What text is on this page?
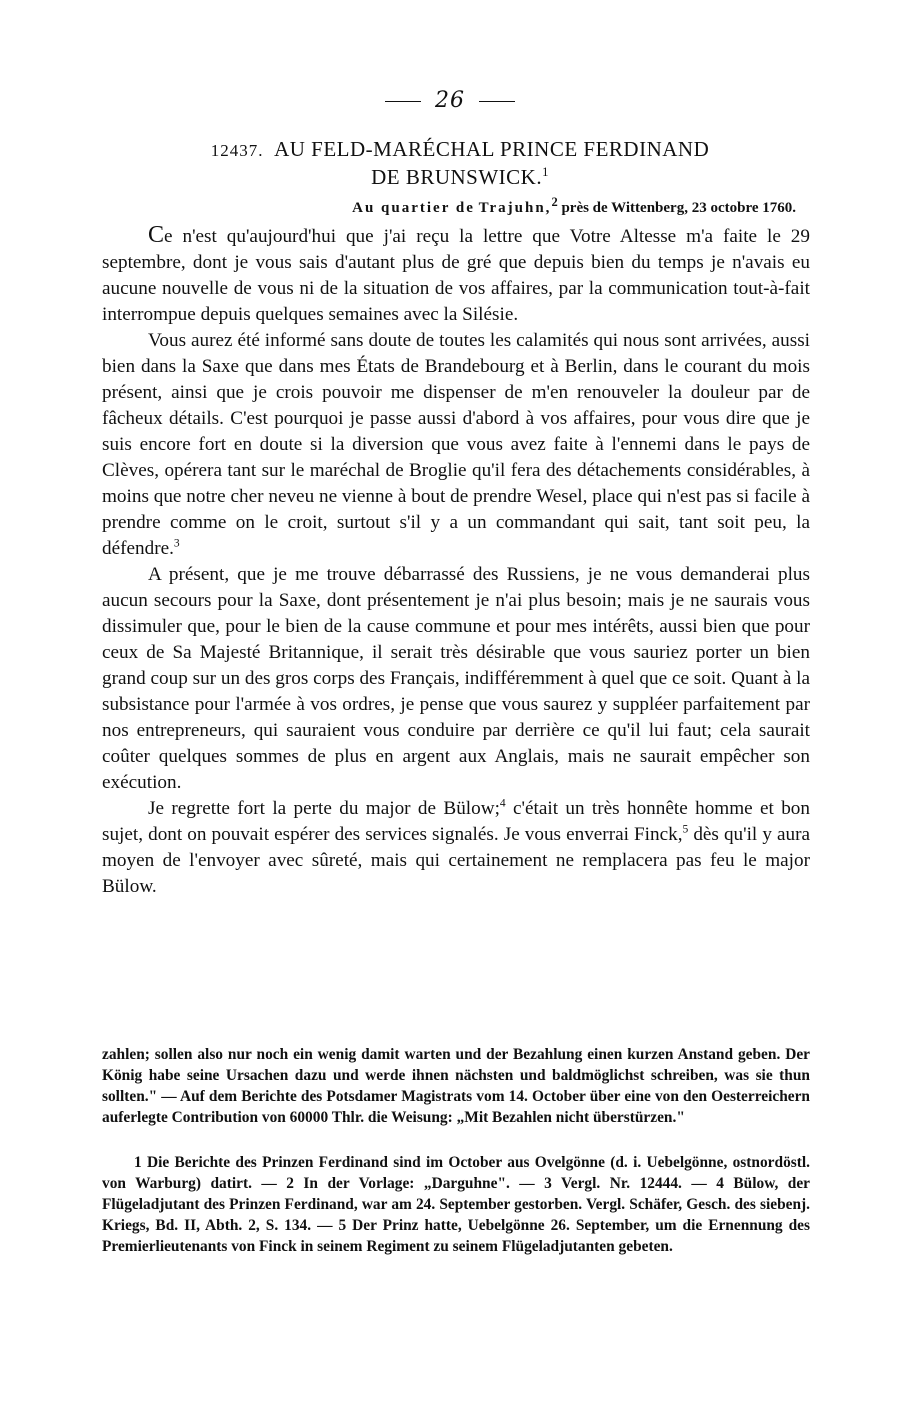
26
12437. AU FELD-MARÉCHAL PRINCE FERDINAND
DE BRUNSWICK.$^1$
Au quartier de Trajuhn,$^2$ près de Wittenberg, 23 octobre 1760.

Ce n'est qu'aujourd'hui que j'ai reçu la lettre que Votre Altesse m'a faite le 29 septembre, dont je vous sais d'autant plus de gré que depuis bien du temps je n'avais eu aucune nouvelle de vous ni de la situation de vos affaires, par la communication tout-à-fait interrompue depuis quelques semaines avec la Silésie.

Vous aurez été informé sans doute de toutes les calamités qui nous sont arrivées, aussi bien dans la Saxe que dans mes États de Brandebourg et à Berlin, dans le courant du mois présent, ainsi que je crois pouvoir me dispenser de m'en renouveler la douleur par de fâcheux détails. C'est pourquoi je passe aussi d'abord à vos affaires, pour vous dire que je suis encore fort en doute si la diversion que vous avez faite à l'ennemi dans le pays de Clèves, opérera tant sur le maréchal de Broglie qu'il fera des détachements considérables, à moins que notre cher neveu ne vienne à bout de prendre Wesel, place qui n'est pas si facile à prendre comme on le croit, surtout s'il y a un commandant qui sait, tant soit peu, la défendre.$^3$

A présent, que je me trouve débarrassé des Russiens, je ne vous demanderai plus aucun secours pour la Saxe, dont présentement je n'ai plus besoin; mais je ne saurais vous dissimuler que, pour le bien de la cause commune et pour mes intérêts, aussi bien que pour ceux de Sa Majesté Britannique, il serait très désirable que vous sauriez porter un bien grand coup sur un des gros corps des Français, indifféremment à quel que ce soit. Quant à la subsistance pour l'armée à vos ordres, je pense que vous saurez y suppléer parfaitement par nos entrepreneurs, qui sauraient vous conduire par derrière ce qu'il lui faut; cela saurait coûter quelques sommes de plus en argent aux Anglais, mais ne saurait empêcher son exécution.

Je regrette fort la perte du major de Bülow;$^4$ c'était un très honnête homme et bon sujet, dont on pouvait espérer des services signalés. Je vous enverrai Finck,$^5$ dès qu'il y aura moyen de l'envoyer avec sûreté, mais qui certainement ne remplacera pas feu le major Bülow.

zahlen; sollen also nur noch ein wenig damit warten und der Bezahlung einen kurzen Anstand geben. Der König habe seine Ursachen dazu und werde ihnen nächsten und baldmöglichst schreiben, was sie thun sollten." — Auf dem Berichte des Potsdamer Magistrats vom 14. October über eine von den Oesterreichern auferlegte Contribution von 60000 Thlr. die Weisung: „Mit Bezahlen nicht überstürzen."

1 Die Berichte des Prinzen Ferdinand sind im October aus Ovelgönne (d. i. Uebelgönne, ostnordöstl. von Warburg) datirt. — 2 In der Vorlage: „Darguhne". — 3 Vergl. Nr. 12444. — 4 Bülow, der Flügeladjutant des Prinzen Ferdinand, war am 24. September gestorben. Vergl. Schäfer, Gesch. des siebenj. Kriegs, Bd. II, Abth. 2, S. 134. — 5 Der Prinz hatte, Uebelgönne 26. September, um die Ernennung des Premierlieutenants von Finck in seinem Regiment zu seinem Flügeladjutanten gebeten.
